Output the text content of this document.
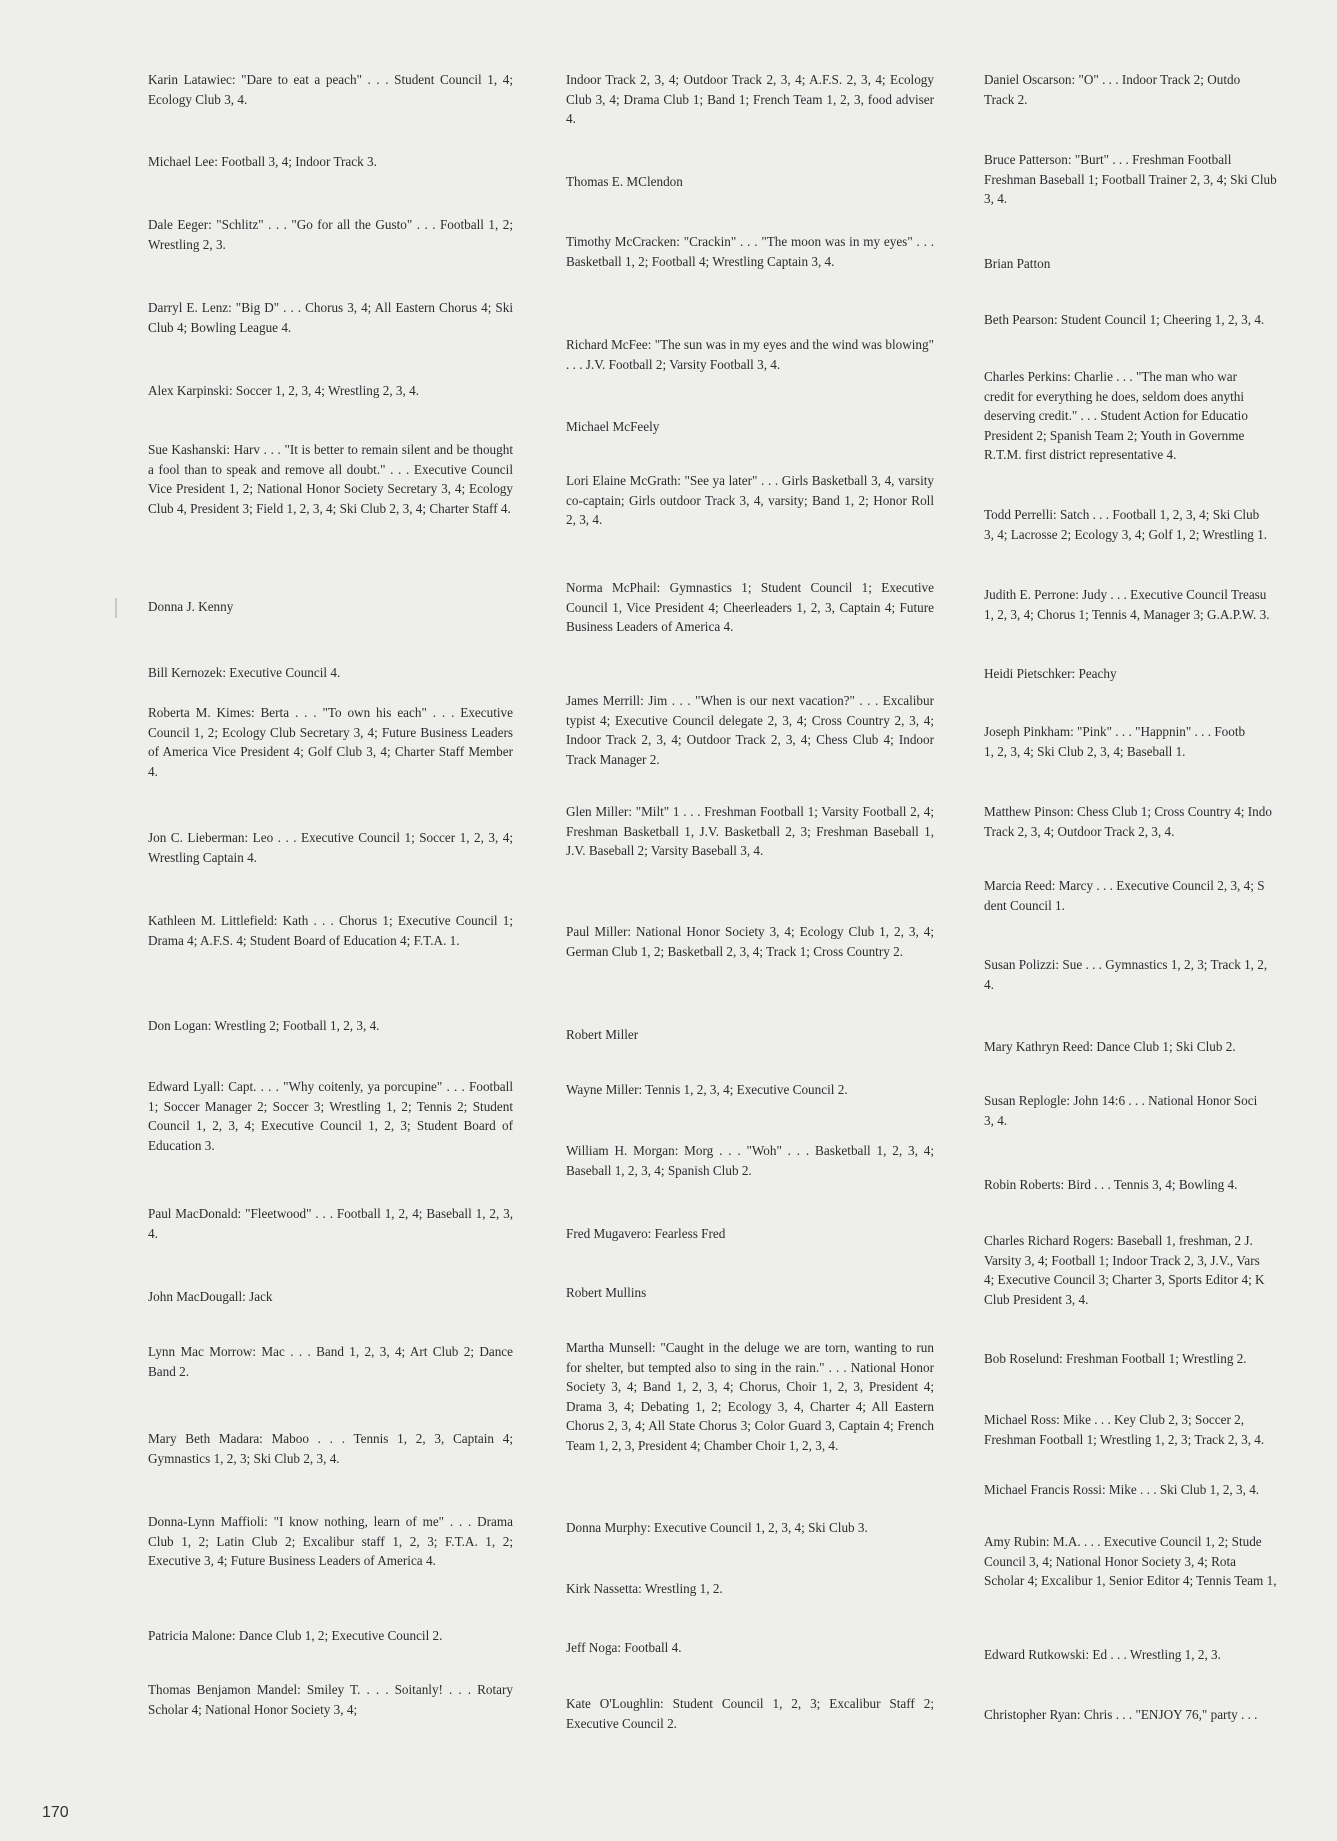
Karin Latawiec: "Dare to eat a peach" . . . Student Council 1, 4; Ecology Club 3, 4.

Michael Lee: Football 3, 4; Indoor Track 3.

Dale Eeger: "Schlitz" . . . "Go for all the Gusto" . . . Football 1, 2; Wrestling 2, 3.

Darryl E. Lenz: "Big D" . . . Chorus 3, 4; All Eastern Chorus 4; Ski Club 4; Bowling League 4.

Alex Karpinski: Soccer 1, 2, 3, 4; Wrestling 2, 3, 4.

Sue Kashanski: Harv . . . "It is better to remain silent and be thought a fool than to speak and remove all doubt." . . . Executive Council Vice President 1, 2; National Honor Society Secretary 3, 4; Ecology Club 4, President 3; Field 1, 2, 3, 4; Ski Club 2, 3, 4; Charter Staff 4.

Donna J. Kenny

Bill Kernozek: Executive Council 4.

Roberta M. Kimes: Berta . . . "To own his each" . . . Executive Council 1, 2; Ecology Club Secretary 3, 4; Future Business Leaders of America Vice President 4; Golf Club 3, 4; Charter Staff Member 4.

Jon C. Lieberman: Leo . . . Executive Council 1; Soccer 1, 2, 3, 4; Wrestling Captain 4.

Kathleen M. Littlefield: Kath . . . Chorus 1; Executive Council 1; Drama 4; A.F.S. 4; Student Board of Education 4; F.T.A. 1.

Don Logan: Wrestling 2; Football 1, 2, 3, 4.

Edward Lyall: Capt. . . . "Why coitenly, ya porcupine" . . . Football 1; Soccer Manager 2; Soccer 3; Wrestling 1, 2; Tennis 2; Student Council 1, 2, 3, 4; Executive Council 1, 2, 3; Student Board of Education 3.

Paul MacDonald: "Fleetwood" . . . Football 1, 2, 4; Baseball 1, 2, 3, 4.

John MacDougall: Jack

Lynn Mac Morrow: Mac . . . Band 1, 2, 3, 4; Art Club 2; Dance Band 2.

Mary Beth Madara: Maboo . . . Tennis 1, 2, 3, Captain 4; Gymnastics 1, 2, 3; Ski Club 2, 3, 4.

Donna-Lynn Maffioli: "I know nothing, learn of me" . . . Drama Club 1, 2; Latin Club 2; Excalibur staff 1, 2, 3; F.T.A. 1, 2; Executive 3, 4; Future Business Leaders of America 4.

Patricia Malone: Dance Club 1, 2; Executive Council 2.

Thomas Benjamon Mandel: Smiley T. . . . Soitanly! . . . Rotary Scholar 4; National Honor Society 3, 4;

Indoor Track 2, 3, 4; Outdoor Track 2, 3, 4; A.F.S. 2, 3, 4; Ecology Club 3, 4; Drama Club 1; Band 1; French Team 1, 2, 3, food adviser 4.

Thomas E. MClendon

Timothy McCracken: "Crackin" . . . "The moon was in my eyes" . . . Basketball 1, 2; Football 4; Wrestling Captain 3, 4.

Richard McFee: "The sun was in my eyes and the wind was blowing" . . . J.V. Football 2; Varsity Football 3, 4.

Michael McFeely

Lori Elaine McGrath: "See ya later" . . . Girls Basketball 3, 4, varsity co-captain; Girls outdoor Track 3, 4, varsity; Band 1, 2; Honor Roll 2, 3, 4.

Norma McPhail: Gymnastics 1; Student Council 1; Executive Council 1, Vice President 4; Cheerleaders 1, 2, 3, Captain 4; Future Business Leaders of America 4.

James Merrill: Jim . . . "When is our next vacation?" . . . Excalibur typist 4; Executive Council delegate 2, 3, 4; Cross Country 2, 3, 4; Indoor Track 2, 3, 4; Outdoor Track 2, 3, 4; Chess Club 4; Indoor Track Manager 2.

Glen Miller: "Milt" 1 . . . Freshman Football 1; Varsity Football 2, 4; Freshman Basketball 1, J.V. Basketball 2, 3; Freshman Baseball 1, J.V. Baseball 2; Varsity Baseball 3, 4.

Paul Miller: National Honor Society 3, 4; Ecology Club 1, 2, 3, 4; German Club 1, 2; Basketball 2, 3, 4; Track 1; Cross Country 2.

Robert Miller

Wayne Miller: Tennis 1, 2, 3, 4; Executive Council 2.

William H. Morgan: Morg . . . "Woh" . . . Basketball 1, 2, 3, 4; Baseball 1, 2, 3, 4; Spanish Club 2.

Fred Mugavero: Fearless Fred

Robert Mullins

Martha Munsell: "Caught in the deluge we are torn, wanting to run for shelter, but tempted also to sing in the rain." . . . National Honor Society 3, 4; Band 1, 2, 3, 4; Chorus, Choir 1, 2, 3, President 4; Drama 3, 4; Debating 1, 2; Ecology 3, 4, Charter 4; All Eastern Chorus 2, 3, 4; All State Chorus 3; Color Guard 3, Captain 4; French Team 1, 2, 3, President 4; Chamber Choir 1, 2, 3, 4.

Donna Murphy: Executive Council 1, 2, 3, 4; Ski Club 3.

Kirk Nassetta: Wrestling 1, 2.

Jeff Noga: Football 4.

Kate O'Loughlin: Student Council 1, 2, 3; Excalibur Staff 2; Executive Council 2.

Daniel Oscarson: "O" . . . Indoor Track 2; Outdo
Track 2.

Bruce Patterson: "Burt" . . . Freshman Football
Freshman Baseball 1; Football Trainer 2, 3, 4; Ski Club
3, 4.

Brian Patton

Beth Pearson: Student Council 1; Cheering 1, 2, 3, 4.

Charles Perkins: Charlie . . . "The man who war
credit for everything he does, seldom does anythi
deserving credit." . . . Student Action for Educatio
President 2; Spanish Team 2; Youth in Governme
R.T.M. first district representative 4.

Todd Perrelli: Satch . . . Football 1, 2, 3, 4; Ski Club
3, 4; Lacrosse 2; Ecology 3, 4; Golf 1, 2; Wrestling 1.

Judith E. Perrone: Judy . . . Executive Council Treasu
1, 2, 3, 4; Chorus 1; Tennis 4, Manager 3; G.A.P.W. 3.

Heidi Pietschker: Peachy

Joseph Pinkham: "Pink" . . . "Happnin" . . . Footb
1, 2, 3, 4; Ski Club 2, 3, 4; Baseball 1.

Matthew Pinson: Chess Club 1; Cross Country 4; Indo
Track 2, 3, 4; Outdoor Track 2, 3, 4.

Marcia Reed: Marcy . . . Executive Council 2, 3, 4; S
dent Council 1.

Susan Polizzi: Sue . . . Gymnastics 1, 2, 3; Track 1, 2,
4.

Mary Kathryn Reed: Dance Club 1; Ski Club 2.

Susan Replogle: John 14:6 . . . National Honor Soci
3, 4.

Robin Roberts: Bird . . . Tennis 3, 4; Bowling 4.

Charles Richard Rogers: Baseball 1, freshman, 2 J.
Varsity 3, 4; Football 1; Indoor Track 2, 3, J.V., Vars
4; Executive Council 3; Charter 3, Sports Editor 4; K
Club President 3, 4.

Bob Roselund: Freshman Football 1; Wrestling 2.

Michael Ross: Mike . . . Key Club 2, 3; Soccer 2,
Freshman Football 1; Wrestling 1, 2, 3; Track 2, 3, 4.

Michael Francis Rossi: Mike . . . Ski Club 1, 2, 3, 4.

Amy Rubin: M.A. . . . Executive Council 1, 2; Stude
Council 3, 4; National Honor Society 3, 4; Rota
Scholar 4; Excalibur 1, Senior Editor 4; Tennis Team 1,

Edward Rutkowski: Ed . . . Wrestling 1, 2, 3.

Christopher Ryan: Chris . . . "ENJOY 76," party . . .

170
